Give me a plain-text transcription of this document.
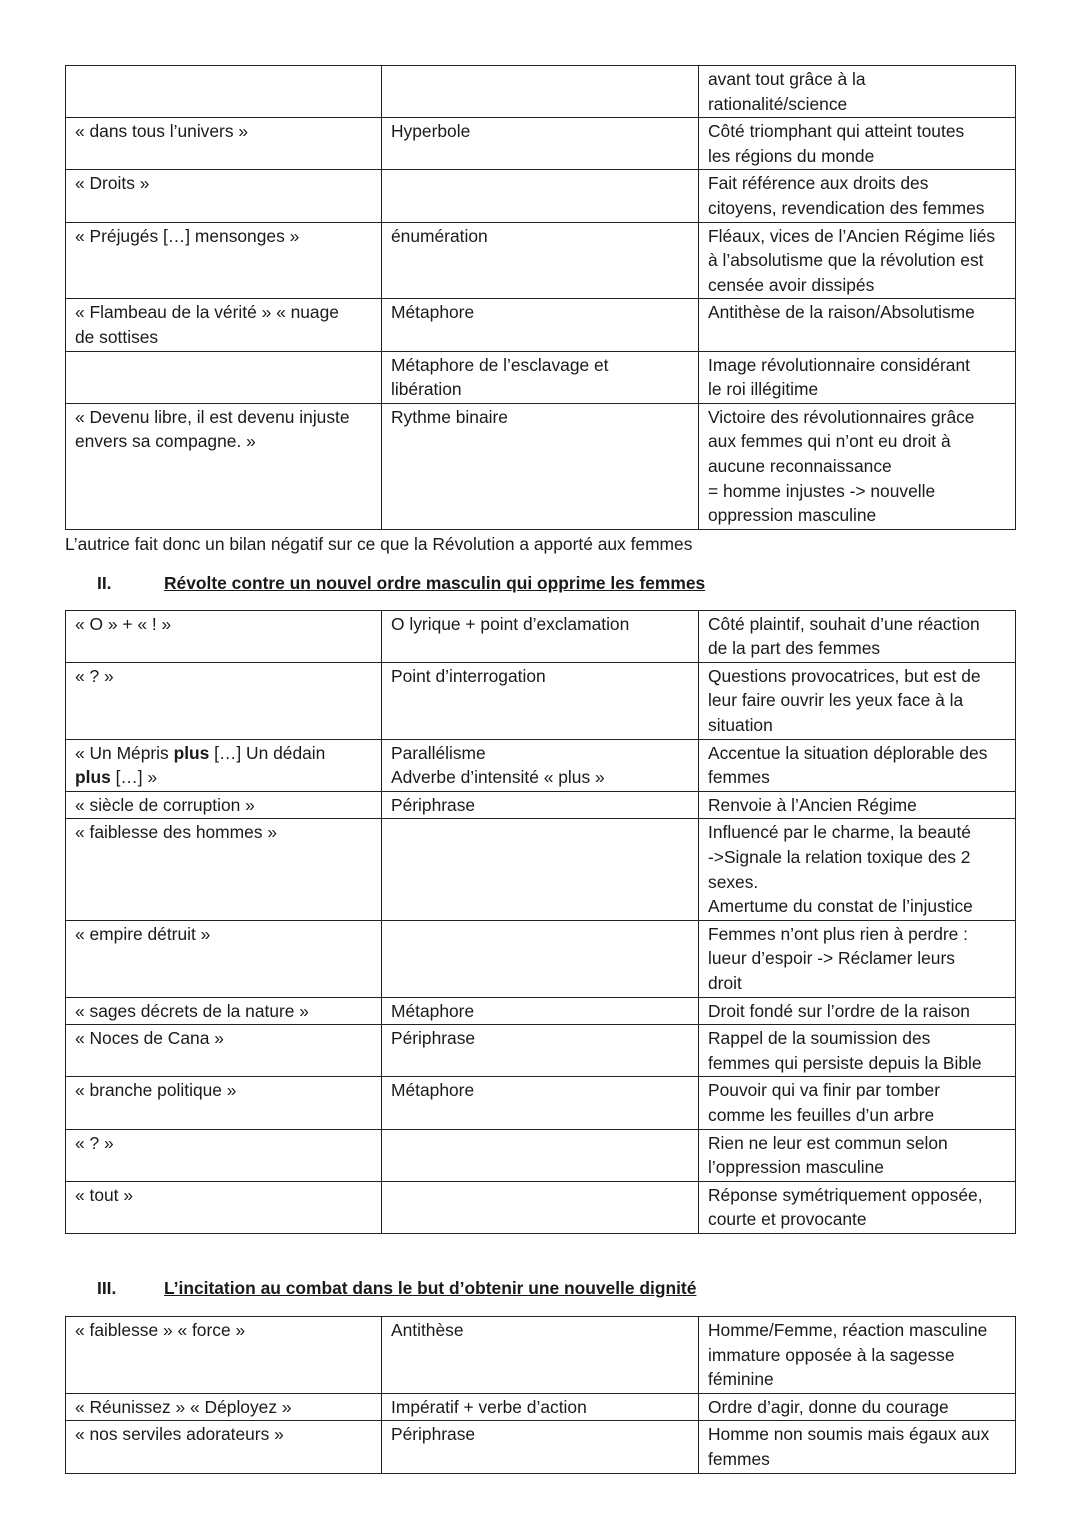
		avant tout grâce à la
rationalité/science
« dans tous l’univers »	Hyperbole	Côté triomphant qui atteint toutes
les régions du monde
« Droits »		Fait référence aux droits des
citoyens, revendication des femmes
« Préjugés […] mensonges »	énumération	Fléaux, vices de l’Ancien Régime liés
à l’absolutisme que la révolution est
censée avoir dissipés
« Flambeau de la vérité » « nuage
de sottises	Métaphore	Antithèse de la raison/Absolutisme
	Métaphore de l’esclavage et
libération	Image révolutionnaire considérant
le roi illégitime
« Devenu libre, il est devenu injuste
envers sa compagne. »	Rythme binaire	Victoire des révolutionnaires grâce
aux femmes qui n’ont eu droit à
aucune reconnaissance
= homme injustes -> nouvelle
oppression masculine

L’autrice fait donc un bilan négatif sur ce que la Révolution a apporté aux femmes

II.	Révolte contre un nouvel ordre masculin qui opprime les femmes
« O » + « ! »	O lyrique + point d’exclamation	Côté plaintif, souhait d’une réaction
de la part des femmes
« ? »	Point d’interrogation	Questions provocatrices, but est de
leur faire ouvrir les yeux face à la
situation
« Un Mépris plus […] Un dédain
plus […] »	Parallélisme
Adverbe d’intensité « plus »	Accentue la situation déplorable des
femmes
« siècle de corruption »	Périphrase	Renvoie à l’Ancien Régime
« faiblesse des hommes »		Influencé par le charme, la beauté
->Signale la relation toxique des 2
sexes.
Amertume du constat de l’injustice
« empire détruit »		Femmes n’ont plus rien à perdre :
lueur d’espoir -> Réclamer leurs
droit
« sages décrets de la nature »	Métaphore	Droit fondé sur l’ordre de la raison
« Noces de Cana »	Périphrase	Rappel de la soumission des
femmes qui persiste depuis la Bible
« branche politique »	Métaphore	Pouvoir qui va finir par tomber
comme les feuilles d’un arbre
« ? »		Rien ne leur est commun selon
l’oppression masculine
« tout »		Réponse symétriquement opposée,
courte et provocante
III.	L’incitation au combat dans le but d’obtenir une nouvelle dignité
« faiblesse » « force »	Antithèse	Homme/Femme, réaction masculine
immature opposée à la sagesse
féminine
« Réunissez » « Déployez »	Impératif + verbe d’action	Ordre d’agir, donne du courage
« nos serviles adorateurs »	Périphrase	Homme non soumis mais égaux aux
femmes
